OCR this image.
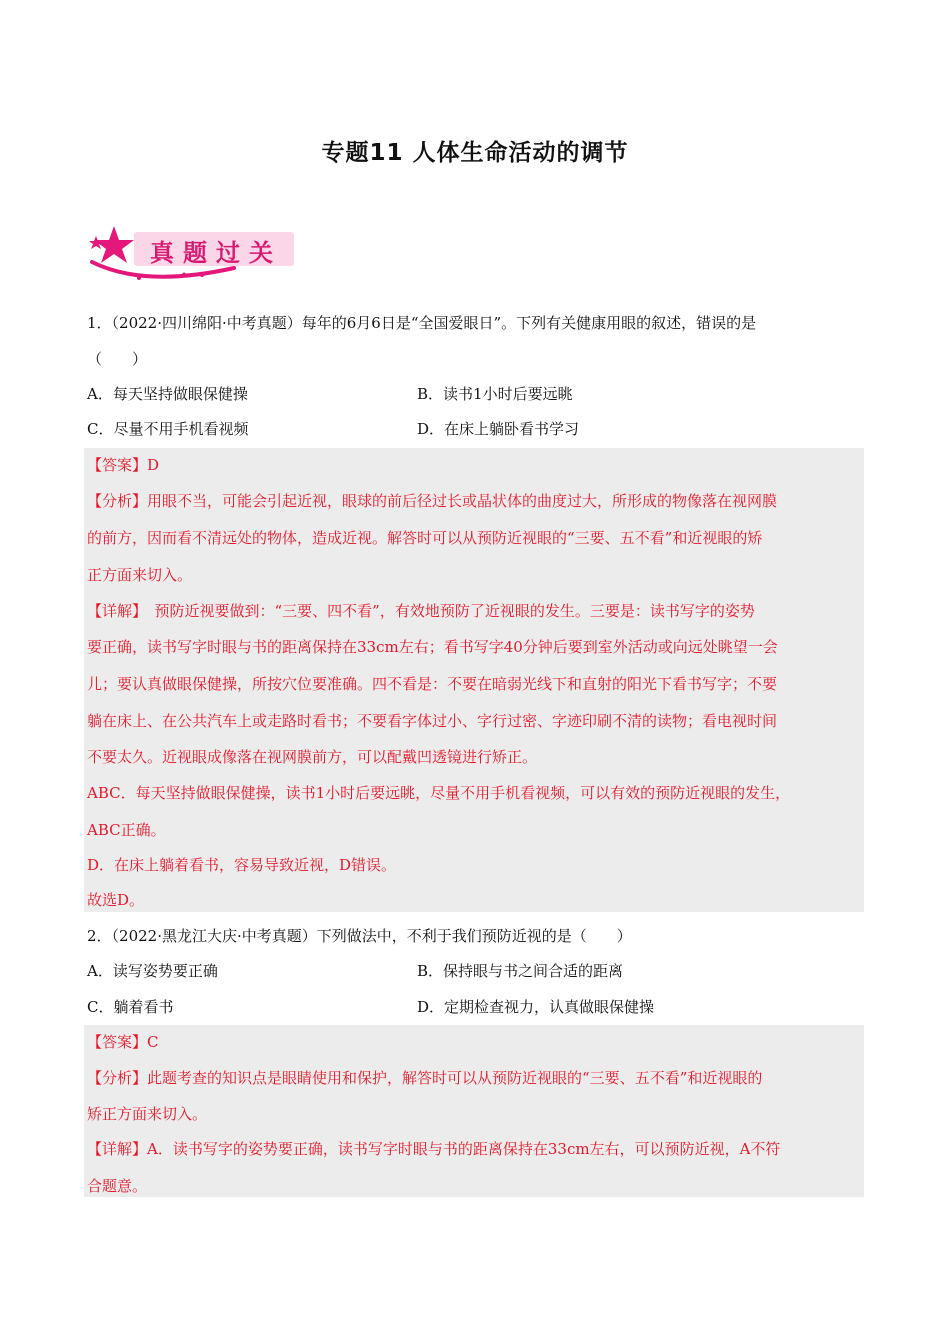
专题11 人体生命活动的调节
真题过关
1．（2022·四川绵阳·中考真题）每年的6月6日是“全国爱眼日”。下列有关健康用眼的叙述，错误的是
（　　）
A．每天坚持做眼保健操	B．读书1小时后要远眺
C．尽量不用手机看视频	D．在床上躺卧看书学习
【答案】D
【分析】用眼不当，可能会引起近视，眼球的前后径过长或晶状体的曲度过大，所形成的物像落在视网膜
的前方，因而看不清远处的物体，造成近视。解答时可以从预防近视眼的“三要、五不看”和近视眼的矫
正方面来切入。
【详解】　预防近视要做到：“三要、四不看”，有效地预防了近视眼的发生。三要是：读书写字的姿势
要正确，读书写字时眼与书的距离保持在33cm左右；看书写字40分钟后要到室外活动或向远处眺望一会
儿；要认真做眼保健操，所按穴位要准确。四不看是：不要在暗弱光线下和直射的阳光下看书写字；不要
躺在床上、在公共汽车上或走路时看书；不要看字体过小、字行过密、字迹印刷不清的读物；看电视时间
不要太久。近视眼成像落在视网膜前方，可以配戴凹透镜进行矫正。
ABC．每天坚持做眼保健操，读书1小时后要远眺，尽量不用手机看视频，可以有效的预防近视眼的发生，
ABC正确。
D．在床上躺着看书，容易导致近视，D错误。
故选D。
2．（2022·黑龙江大庆·中考真题）下列做法中，不利于我们预防近视的是（　　）
A．读写姿势要正确	B．保持眼与书之间合适的距离
C．躺着看书	D．定期检查视力，认真做眼保健操
【答案】C
【分析】此题考查的知识点是眼睛使用和保护，解答时可以从预防近视眼的“三要、五不看”和近视眼的
矫正方面来切入。
【详解】A．读书写字的姿势要正确，读书写字时眼与书的距离保持在33cm左右，可以预防近视，A不符
合题意。
